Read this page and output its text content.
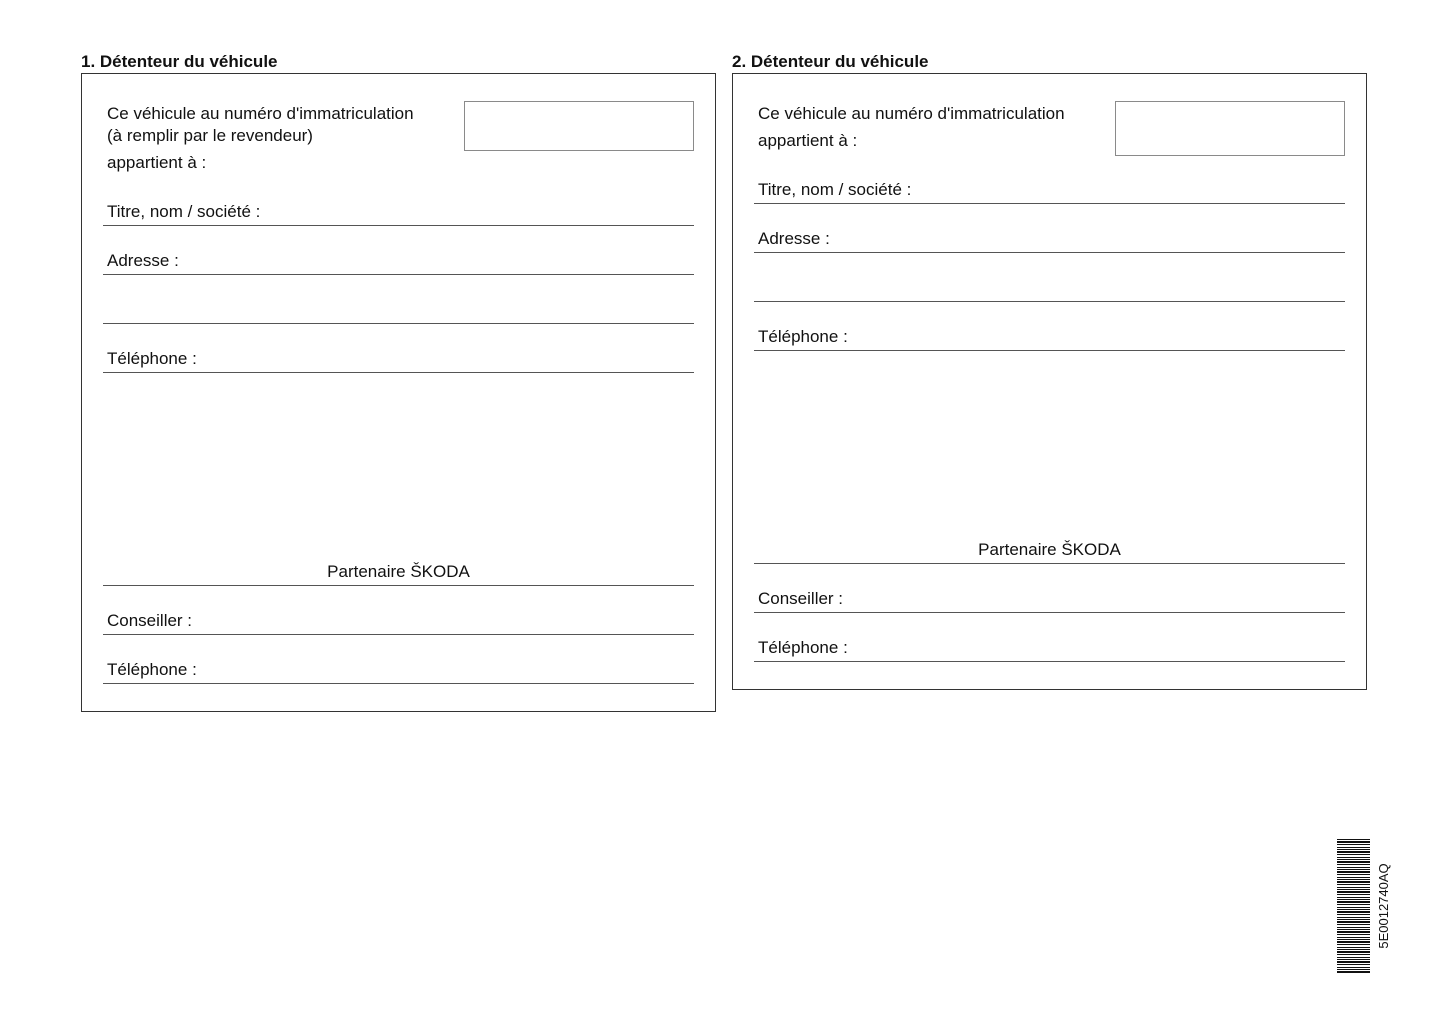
1. Détenteur du véhicule
Ce véhicule au numéro d'immatriculation
(à remplir par le revendeur)
appartient à :
Titre, nom / société :
Adresse :
Téléphone :
Partenaire ŠKODA
Conseiller :
Téléphone :
2. Détenteur du véhicule
Ce véhicule au numéro d'immatriculation
appartient à :
Titre, nom / société :
Adresse :
Téléphone :
Partenaire ŠKODA
Conseiller :
Téléphone :
5E0012740AQ
